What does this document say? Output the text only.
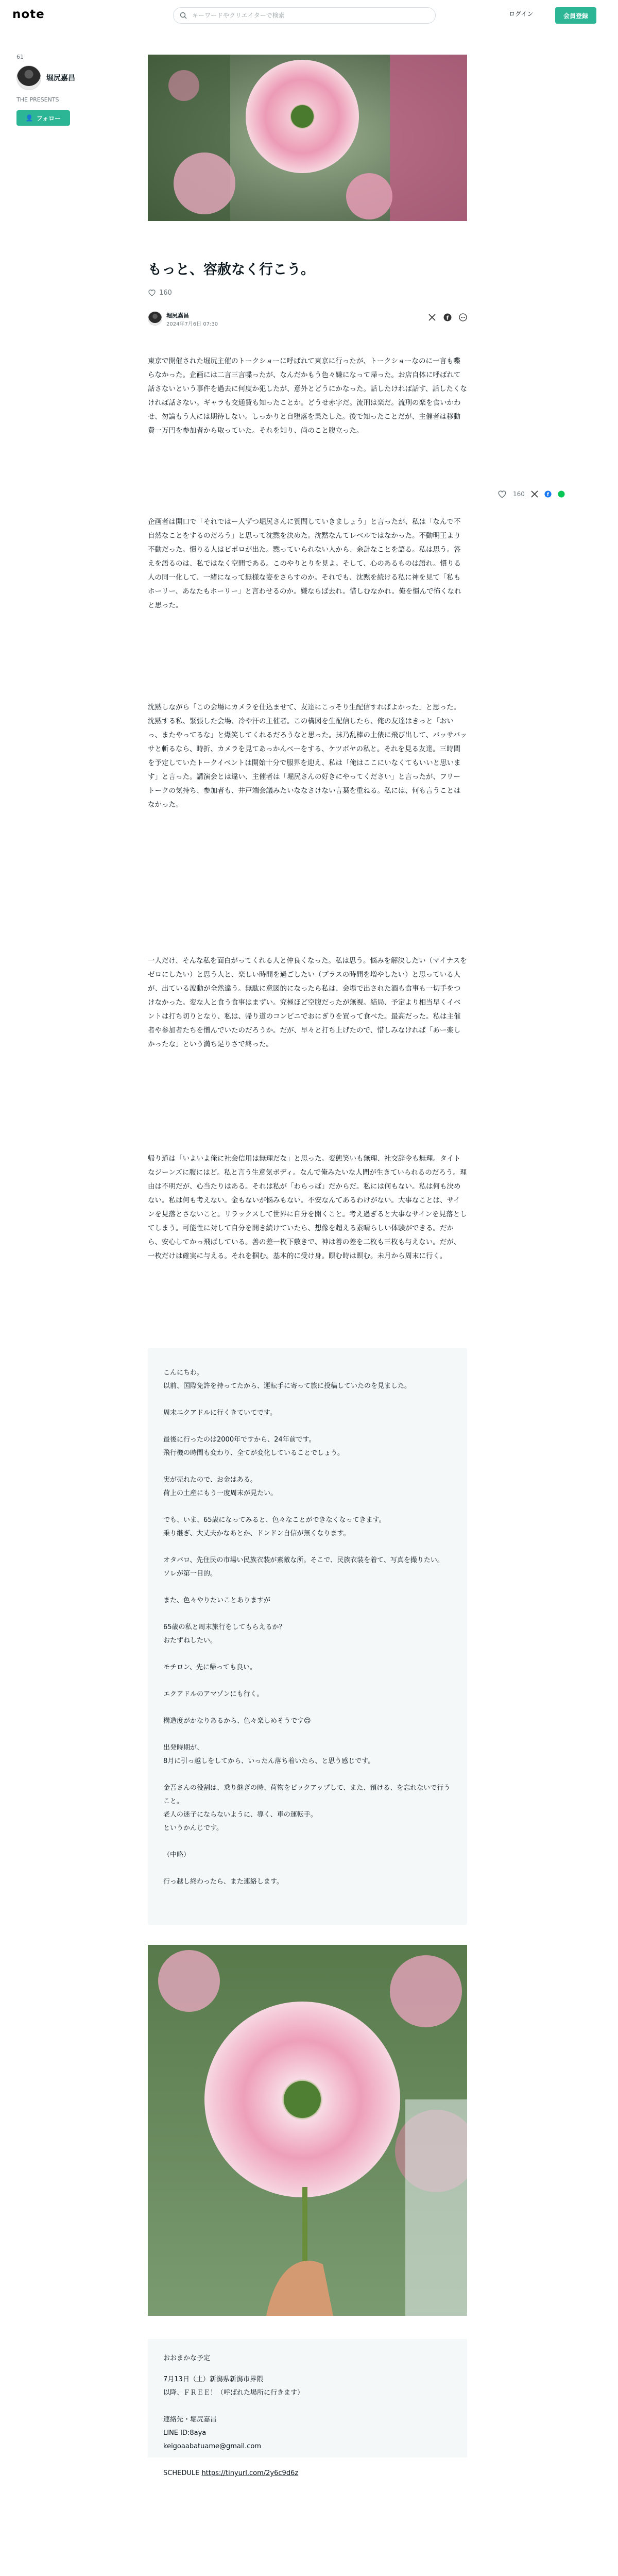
note
キーワードやクリエイターで検索	ログイン	会員登録
61
堀尻嘉昌
THE PRESENTS
👤 フォロー
もっと、容赦なく行こう。
160
堀尻嘉昌
2024年7月6日 07:30
f

東京で開催された堀尻主催のトークショーに呼ばれて東京に行ったが、トークショーなのに一言も喋らなかった。企画には二言三言喋ったが、なんだかもう色々嫌になって帰った。お店自体に呼ばれて話さないという事件を過去に何度か犯したが、意外とどうにかなった。話したければ話す、話したくなければ話さない。ギャラも交通費も知ったことか。どうせ赤字だ。流刑は楽だ。流刑の楽を食いかわせ、勿論もう人には期待しない。しっかりと自堕落を果たした。後で知ったことだが、主催者は移動費一万円を参加者から取っていた。それを知り、尚のこと腹立った。

企画者は開口で「それではー人ずつ堀尻さんに質問していきましょう」と言ったが、私は「なんで不自然なことをするのだろう」と思って沈黙を決めた。沈黙なんてレベルではなかった。不動明王より不動だった。慣りる人はビポロが出た。黙っていられない人から、余計なことを語る。私は思う。答えを語るのは、私ではなく空間である。このやりとりを見よ。そして、心のあるものは語れ。慣りる人の同一化して、一緒になって無様な姿をさらすのか。それでも、沈黙を続ける私に神を見て「私もホーリー、あなたもホーリー」と言わせるのか。嫌ならば去れ。惜しむなかれ。俺を慣んで怖くなれと思った。

沈黙しながら「この会場にカメラを仕込ませて、友達にこっそり生配信すればよかった」と思った。沈黙する私、緊張した会場、冷や汗の主催者。この構図を生配信したら、俺の友達はきっと「おいっ、またやってるな」と爆笑してくれるだろうなと思った。抹乃乱棒の土俵に飛び出して、バッサバッサと斬るなら、時折、カメラを見てあっかんべーをする、ケツボヤの私と。それを見る友達。三時間を予定していたトークイベントは開始十分で服界を迎え、私は「俺はここにいなくてもいいと思います」と言った。講演会とは違い、主催者は「堀尻さんの好きにやってください」と言ったが、フリートークの気持ち、参加者も、井戸端会議みたいななさけない言葉を重ねる。私には、何も言うことはなかった。

一人だけ、そんな私を面白がってくれる人と仲良くなった。私は思う。悩みを解決したい（マイナスをゼロにしたい）と思う人と、楽しい時間を過ごしたい（プラスの時間を増やしたい）と思っている人が、出ている波動が全然違う。無駄に意図的になったら私は、会場で出された酒も食事も一切手をつけなかった。変な人と食う食事はまずい。究極ほど空腹だったが無視。結局、予定より相当早くイベントは打ち切りとなり、私は、帰り道のコンビニでおにぎりを買って食べた。最高だった。私は主催者や参加者たちを憎んでいたのだろうか。だが、早々と打ち上げたので、惜しみなければ「あー楽しかったな」という満ち足りさで終った。

帰り道は「いよいよ俺に社会信用は無理だな」と思った。変態笑いも無理、社交辞令も無理。タイトなジーンズに腹にはど。私と言う生意気ボディ。なんで俺みたいな人間が生きていられるのだろう。理由は不明だが、心当たりはある。それは私が「わらっぱ」だからだ。私には何もない。私は何も決めない。私は何も考えない。金もないが悩みもない。不安なんてあるわけがない。大事なことは、サインを見落とさないこと。リラックスして世界に自分を開くこと。考え過ぎると大事なサインを見落としてしまう。可能性に対して自分を開き続けていたら、想像を超える素晴らしい体験ができる。だから、安心してかっ飛ばしている。善の差一枚下敷きで、神は善の差を二枚も三枚も与えない。だが、一枚だけは確実に与える。それを掴む。基本的に受け身。瞑む時は瞑む。未月から周末に行く。

160	f
こんにちわ。
以前、国際免許を持ってたから、運転手に寄って旅に投稿していたのを見ました。
周末エクアドルに行くきていてです。
最後に行ったのは2000年ですから、24年前です。
飛行機の時間も変わり、全てが変化していることでしょう。
実が売れたので、お金はある。
荷上の土産にもう一度周末が見たい。
でも、いま、65歳になってみると、色々なことができなくなってきます。
乗り継ぎ、大丈夫かなあとか、ドンドン自信が無くなります。
オタバロ、先住民の市場い民族衣装が素敵な所。そこで、民族衣装を着て、写真を撮りたい。
ソレが第一目的。
また、色々やりたいことありますが
65歳の私と周末旅行をしてもらえるか？
おたずねしたい。
モチロン、先に帰っても良い。
エクアドルのアマゾンにも行く。
構造度がかなりあるから、色々楽しめそうです😊
出発時期が、
8月に引っ越しをしてから、いったん落ち着いたら、と思う感じです。
金吾さんの役割は、乗り継ぎの時、荷物をピックアップして、また、預ける、を忘れないで行うこと。
老人の迷子にならないように、導く、車の運転手。
というかんじです。
（中略）
行っ越し終わったら、また連絡します。
おおまかな予定
7月13日（土）新潟県新潟市界隈
以降、ＦＲＥＥ！（呼ばれた場所に行きます）
連絡先・堀尻嘉昌
LINE ID:8aya
keigoaabatuame@gmail.com
SCHEDULE https://tinyurl.com/2y6c9d6z
